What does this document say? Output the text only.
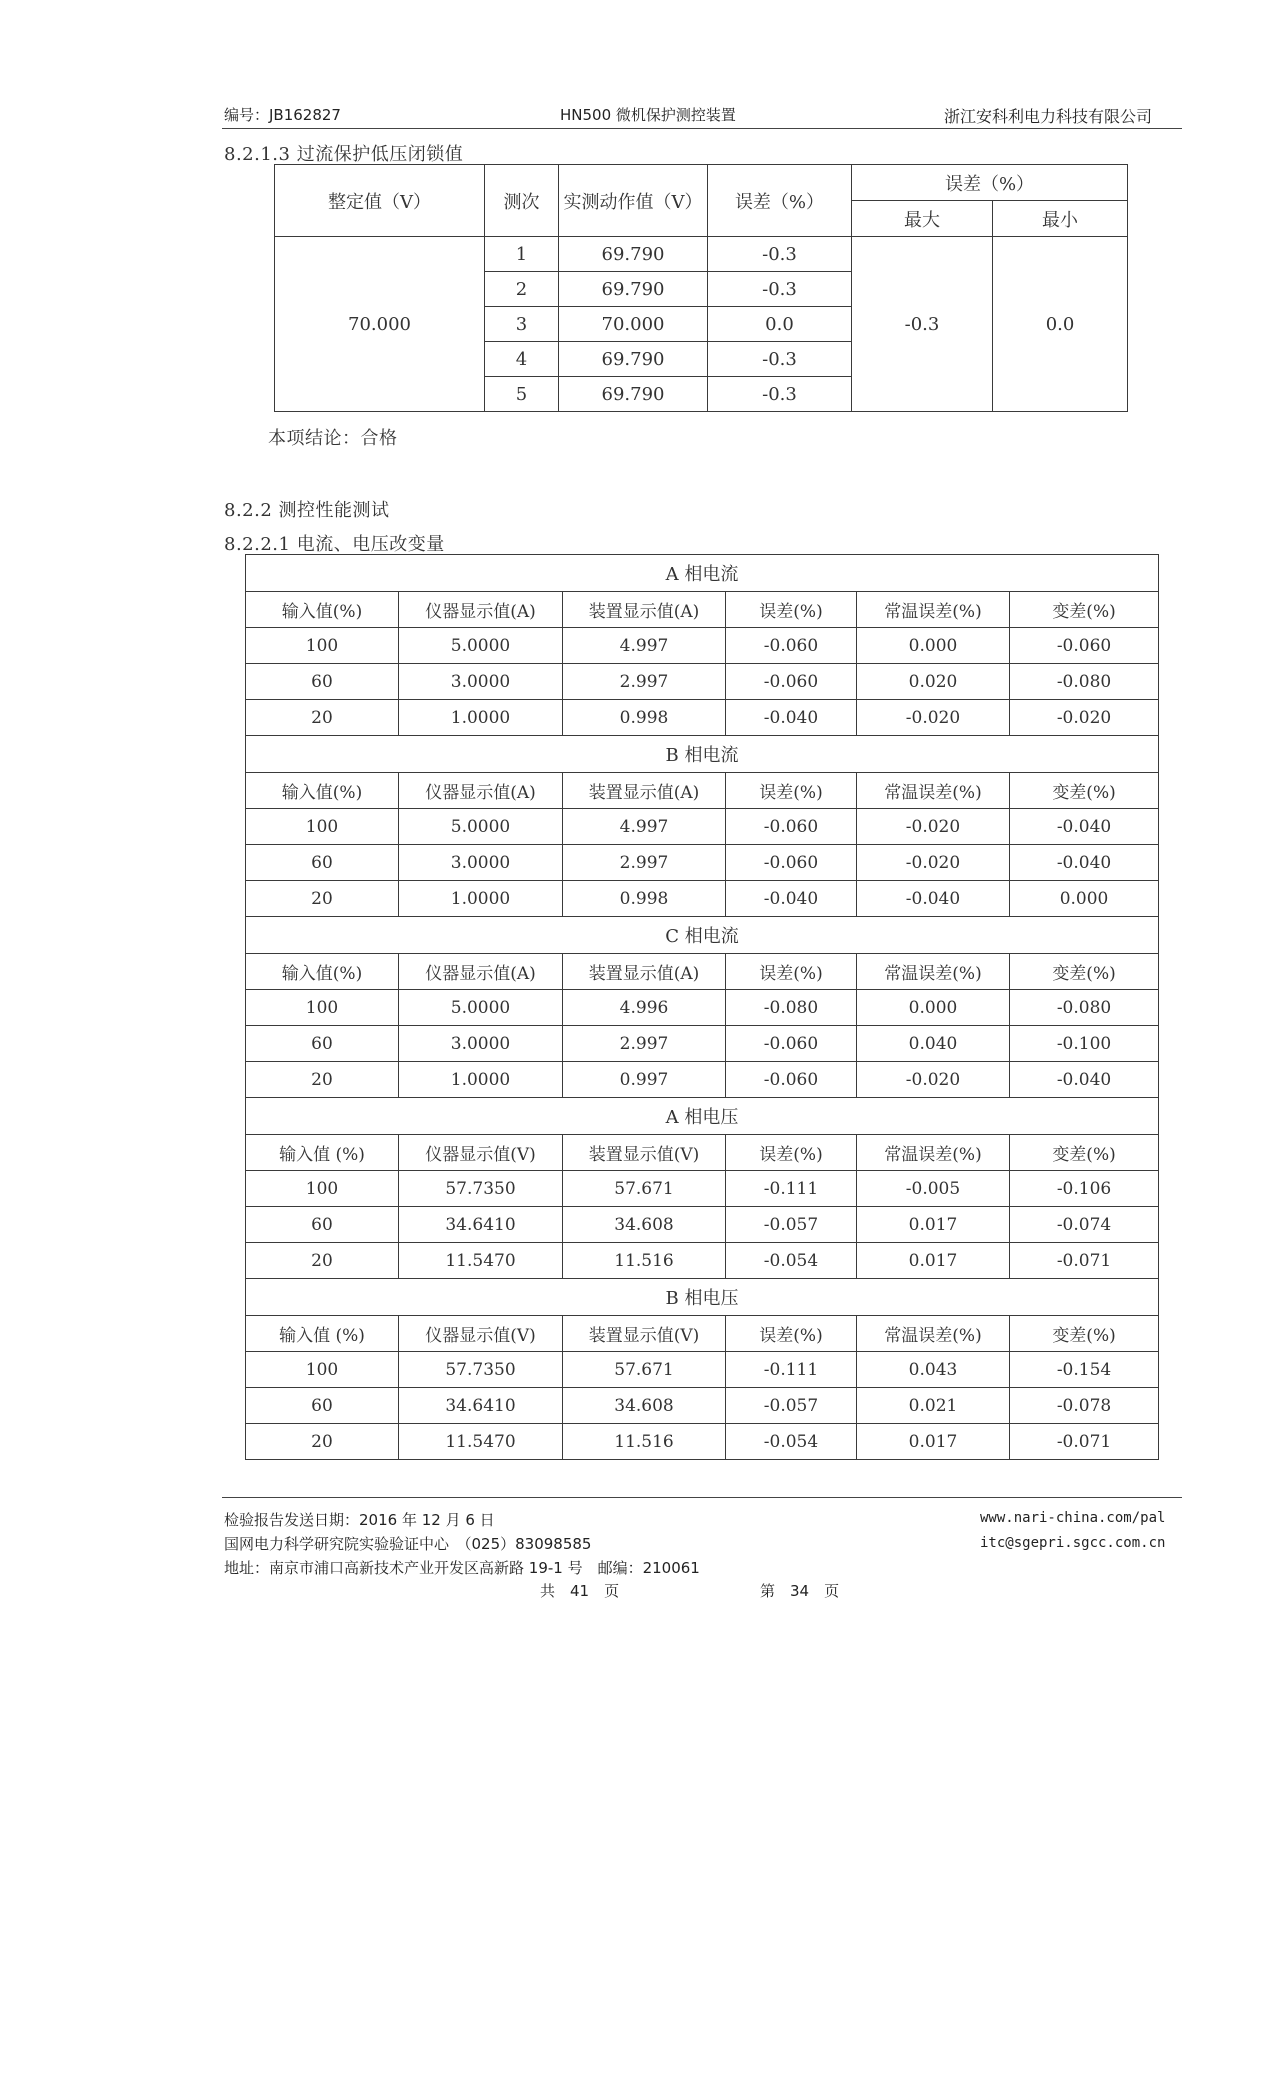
编号：JB162827	HN500 微机保护测控装置	浙江安科利电力科技有限公司
8.2.1.3 过流保护低压闭锁值
整定值（V）	测次	实测动作值（V）	误差（%）	误差（%）	
				最大	最小
70.000	1	69.790	-0.3	-0.3	0.0
	2	69.790	-0.3		
	3	70.000	0.0		
	4	69.790	-0.3		
	5	69.790	-0.3		
本项结论：合格
8.2.2 测控性能测试
8.2.2.1 电流、电压改变量
A 相电流					
输入值(%)	仪器显示值(A)	装置显示值(A)	误差(%)	常温误差(%)	变差(%)
100	5.0000	4.997	-0.060	0.000	-0.060
60	3.0000	2.997	-0.060	0.020	-0.080
20	1.0000	0.998	-0.040	-0.020	-0.020
B 相电流					
输入值(%)	仪器显示值(A)	装置显示值(A)	误差(%)	常温误差(%)	变差(%)
100	5.0000	4.997	-0.060	-0.020	-0.040
60	3.0000	2.997	-0.060	-0.020	-0.040
20	1.0000	0.998	-0.040	-0.040	0.000
C 相电流					
输入值(%)	仪器显示值(A)	装置显示值(A)	误差(%)	常温误差(%)	变差(%)
100	5.0000	4.996	-0.080	0.000	-0.080
60	3.0000	2.997	-0.060	0.040	-0.100
20	1.0000	0.997	-0.060	-0.020	-0.040
A 相电压					
输入值 (%)	仪器显示值(V)	装置显示值(V)	误差(%)	常温误差(%)	变差(%)
100	57.7350	57.671	-0.111	-0.005	-0.106
60	34.6410	34.608	-0.057	0.017	-0.074
20	11.5470	11.516	-0.054	0.017	-0.071
B 相电压					
输入值 (%)	仪器显示值(V)	装置显示值(V)	误差(%)	常温误差(%)	变差(%)
100	57.7350	57.671	-0.111	0.043	-0.154
60	34.6410	34.608	-0.057	0.021	-0.078
20	11.5470	11.516	-0.054	0.017	-0.071
检验报告发送日期：2016 年 12 月 6 日
国网电力科学研究院实验验证中心　（025）83098585
地址：南京市浦口高新技术产业开发区高新路 19-1 号　邮编：210061
www.nari-china.com/pal
itc@sgepri.sgcc.com.cn
共　41　页	第　34　页
